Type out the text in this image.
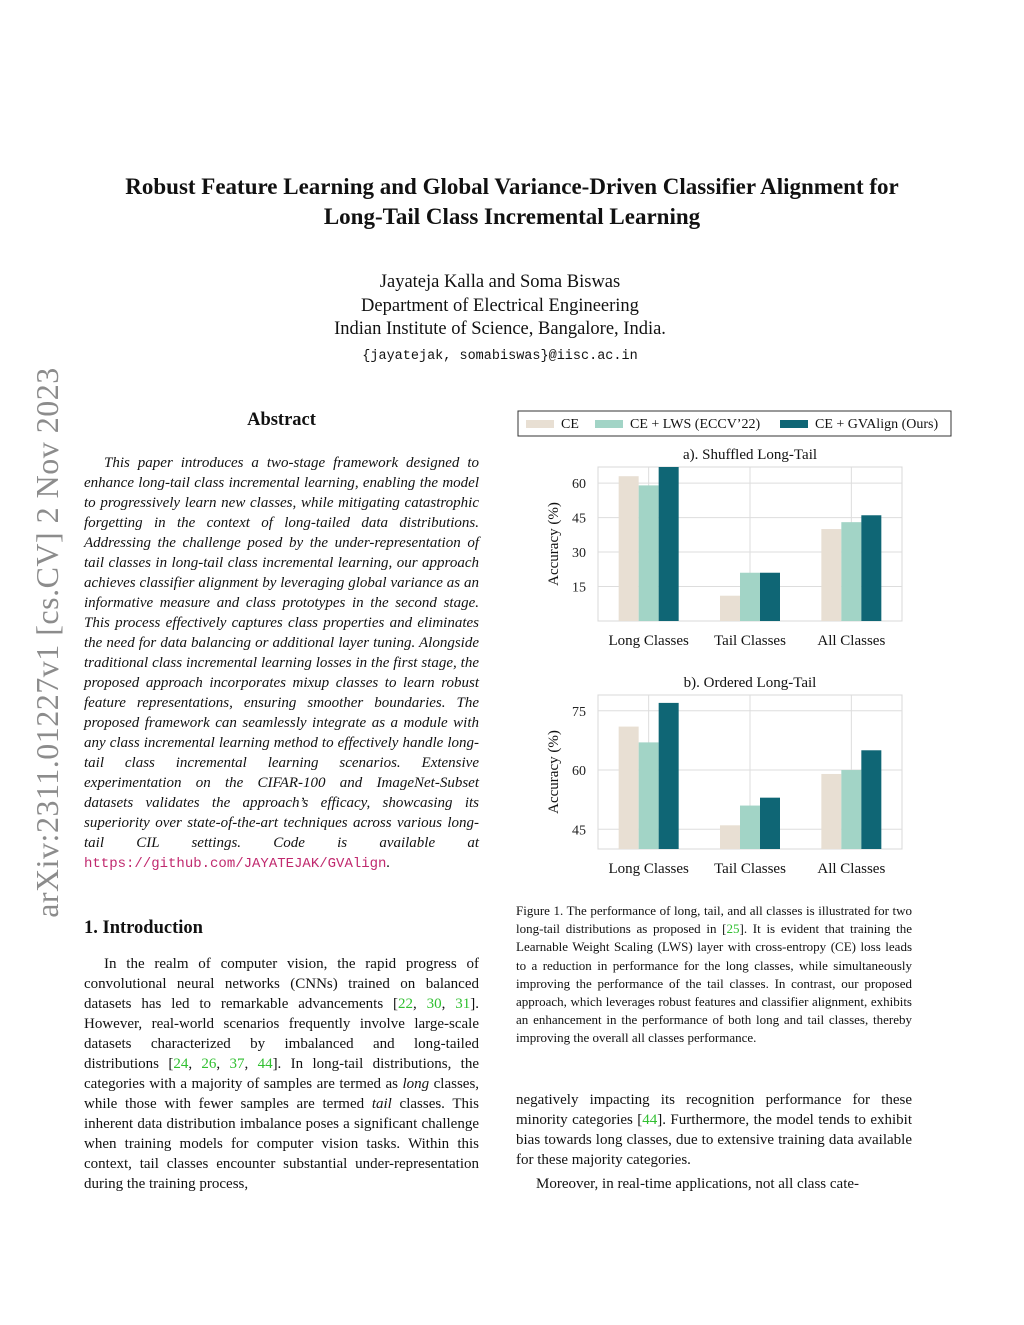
arXiv:2311.01227v1 [cs.CV] 2 Nov 2023
Robust Feature Learning and Global Variance-Driven Classifier Alignment for
Long-Tail Class Incremental Learning
Jayateja Kalla and Soma Biswas
Department of Electrical Engineering
Indian Institute of Science, Bangalore, India.
{jayatejak, somabiswas}@iisc.ac.in
Abstract

This paper introduces a two-stage framework designed to enhance long-tail class incremental learning, enabling the model to progressively learn new classes, while mitigating catastrophic forgetting in the context of long-tailed data distributions. Addressing the challenge posed by the under-representation of tail classes in long-tail class incremental learning, our approach achieves classifier alignment by leveraging global variance as an informative measure and class prototypes in the second stage. This process effectively captures class properties and eliminates the need for data balancing or additional layer tuning. Alongside traditional class incremental learning losses in the first stage, the proposed approach incorporates mixup classes to learn robust feature representations, ensuring smoother boundaries. The proposed framework can seamlessly integrate as a module with any class incremental learning method to effectively handle long-tail class incremental learning scenarios. Extensive experimentation on the CIFAR-100 and ImageNet-Subset datasets validates the approach’s efficacy, showcasing its superiority over state-of-the-art techniques across various long-tail CIL settings. Code is available at https://github.com/JAYATEJAK/GVAlign.

1. Introduction

In the realm of computer vision, the rapid progress of convolutional neural networks (CNNs) trained on balanced datasets has led to remarkable advancements [22, 30, 31]. However, real-world scenarios frequently involve large-scale datasets characterized by imbalanced and long-tailed distributions [24, 26, 37, 44]. In long-tail distributions, the categories with a majority of samples are termed as long classes, while those with fewer samples are termed tail classes. This inherent data distribution imbalance poses a significant challenge when training models for computer vision tasks. Within this context, tail classes encounter substantial under-representation during the training process,

negatively impacting its recognition performance for these minority categories [44]. Furthermore, the model tends to exhibit bias towards long classes, due to extensive training data available for these majority categories.

Moreover, in real-time applications, not all class cate-

Figure 1. The performance of long, tail, and all classes is illustrated for two long-tail distributions as proposed in [25]. It is evident that training the Learnable Weight Scaling (LWS) layer with cross-entropy (CE) loss leads to a reduction in performance for the long classes, while simultaneously improving the performance of the tail classes. In contrast, our proposed approach, which leverages robust features and classifier alignment, exhibits an enhancement in the performance of both long and tail classes, thereby improving the overall all classes performance.

CE	CE + LWS (ECCV’22)	CE + GVAlign (Ours)
a). Shuffled Long-Tail
15
30
45
60
Long Classes Tail Classes All Classes
Accuracy (%)
b). Ordered Long-Tail
45
60
75
Long Classes Tail Classes All Classes
Accuracy (%)
